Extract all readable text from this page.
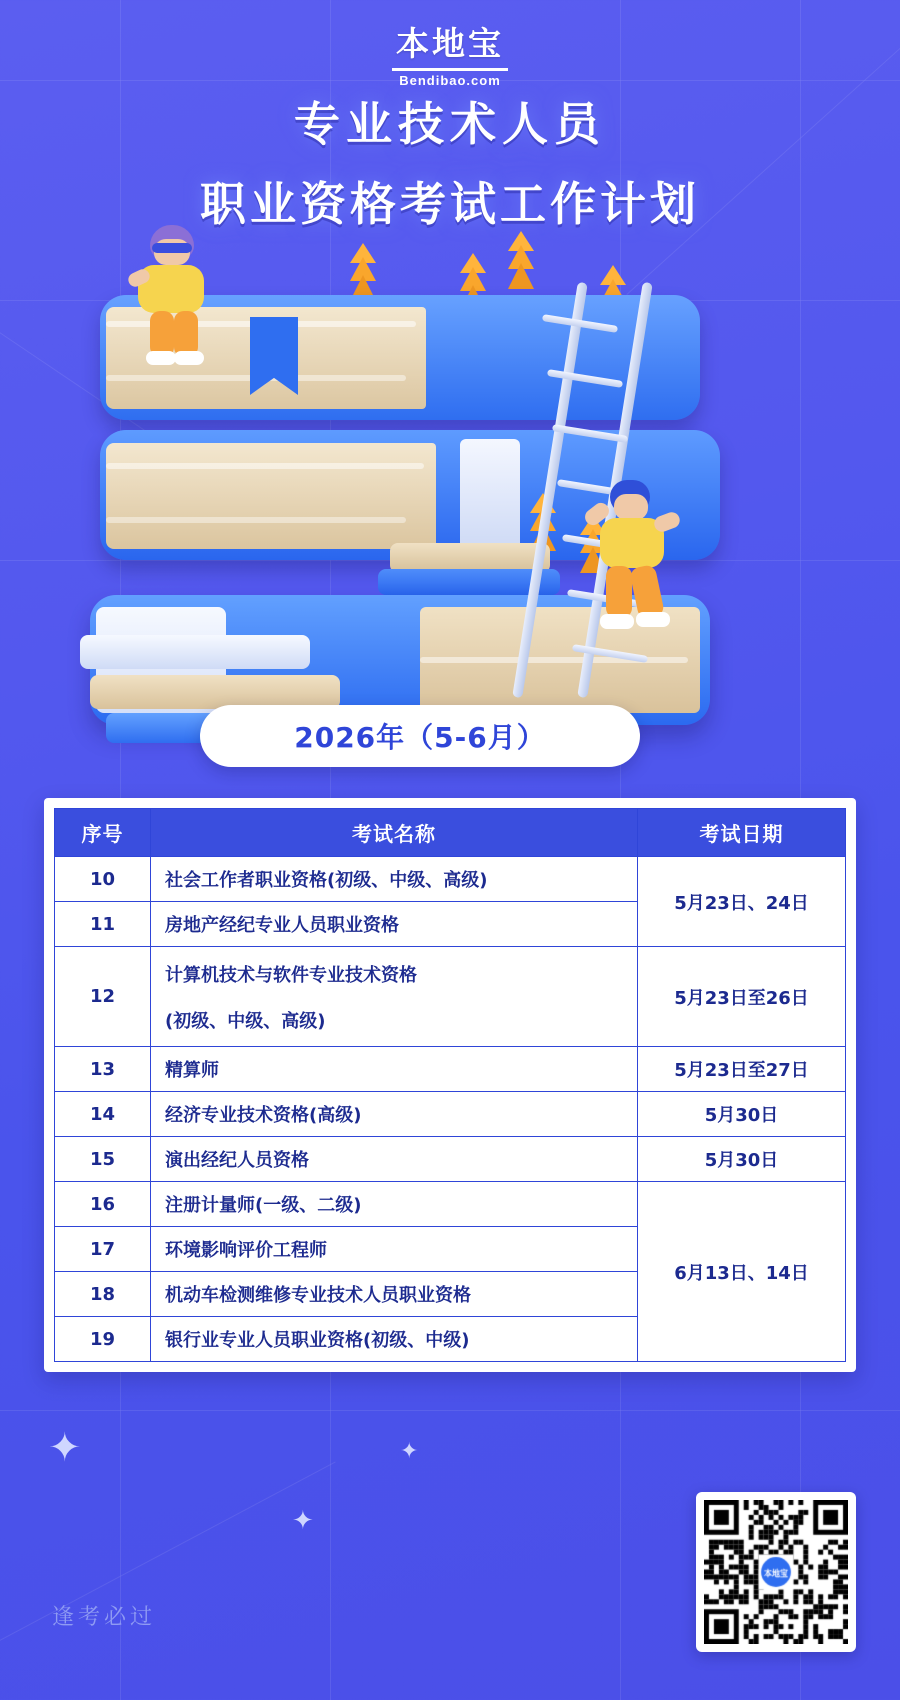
本地宝
Bendibao.com
专业技术人员
职业资格考试工作计划
2026年（5-6月）
序号	考试名称	考试日期
10	社会工作者职业资格(初级、中级、高级)	5月23日、24日
11	房地产经纪专业人员职业资格	
12	计算机技术与软件专业技术资格
(初级、中级、高级)	5月23日至26日
13	精算师	5月23日至27日
14	经济专业技术资格(高级)	5月30日
15	演出经纪人员资格	5月30日
16	注册计量师(一级、二级)	6月13日、14日
17	环境影响评价工程师	
18	机动车检测维修专业技术人员职业资格	
19	银行业专业人员职业资格(初级、中级)	
✦	✦
✦
逢考必过
